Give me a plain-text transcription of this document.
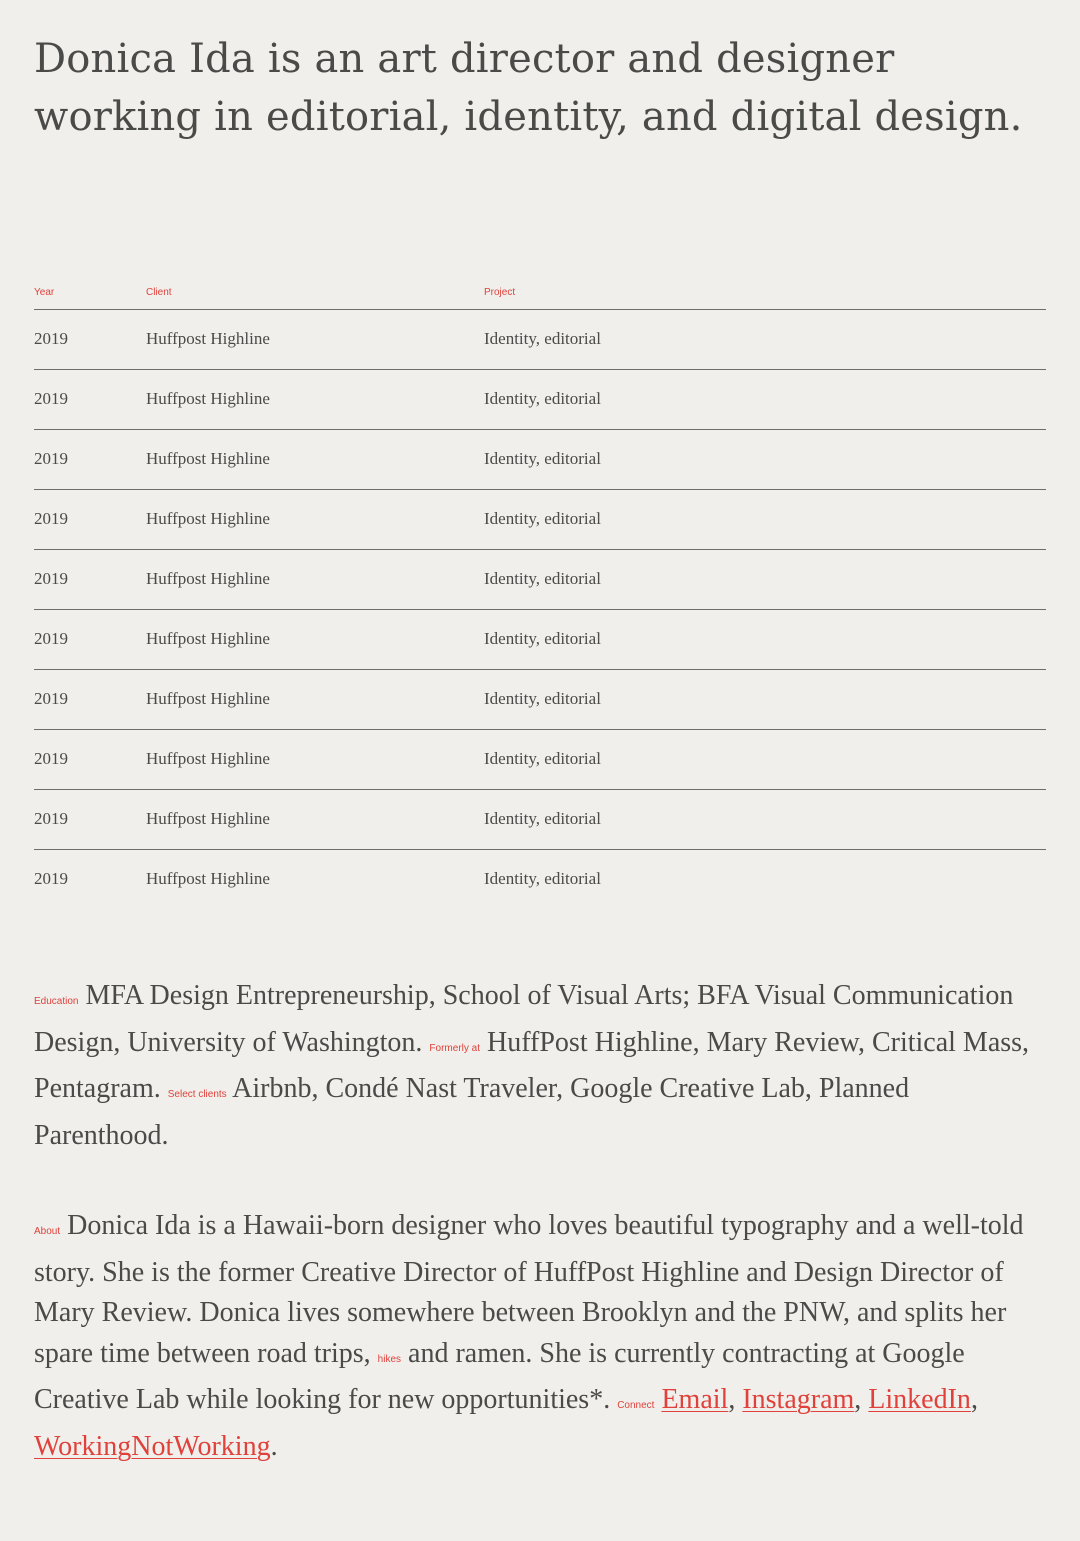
Donica Ida is an art director and designer working in editorial, identity, and digital design.
Year	Client	Project
2019	Huffpost Highline	Identity, editorial
2019	Huffpost Highline	Identity, editorial
2019	Huffpost Highline	Identity, editorial
2019	Huffpost Highline	Identity, editorial
2019	Huffpost Highline	Identity, editorial
2019	Huffpost Highline	Identity, editorial
2019	Huffpost Highline	Identity, editorial
2019	Huffpost Highline	Identity, editorial
2019	Huffpost Highline	Identity, editorial
2019	Huffpost Highline	Identity, editorial

Education MFA Design Entrepreneurship, School of Visual Arts; BFA Visual Communication Design, University of Washington. Formerly at HuffPost Highline, Mary Review, Critical Mass, Pentagram. Select clients Airbnb, Condé Nast Traveler, Google Creative Lab, Planned Parenthood.

About Donica Ida is a Hawaii-born designer who loves beautiful typography and a well-told story. She is the former Creative Director of HuffPost Highline and Design Director of Mary Review. Donica lives somewhere between Brooklyn and the PNW, and splits her spare time between road trips, hikes and ramen. She is currently contracting at Google Creative Lab while looking for new opportunities*. Connect Email, Instagram, LinkedIn, WorkingNotWorking.
